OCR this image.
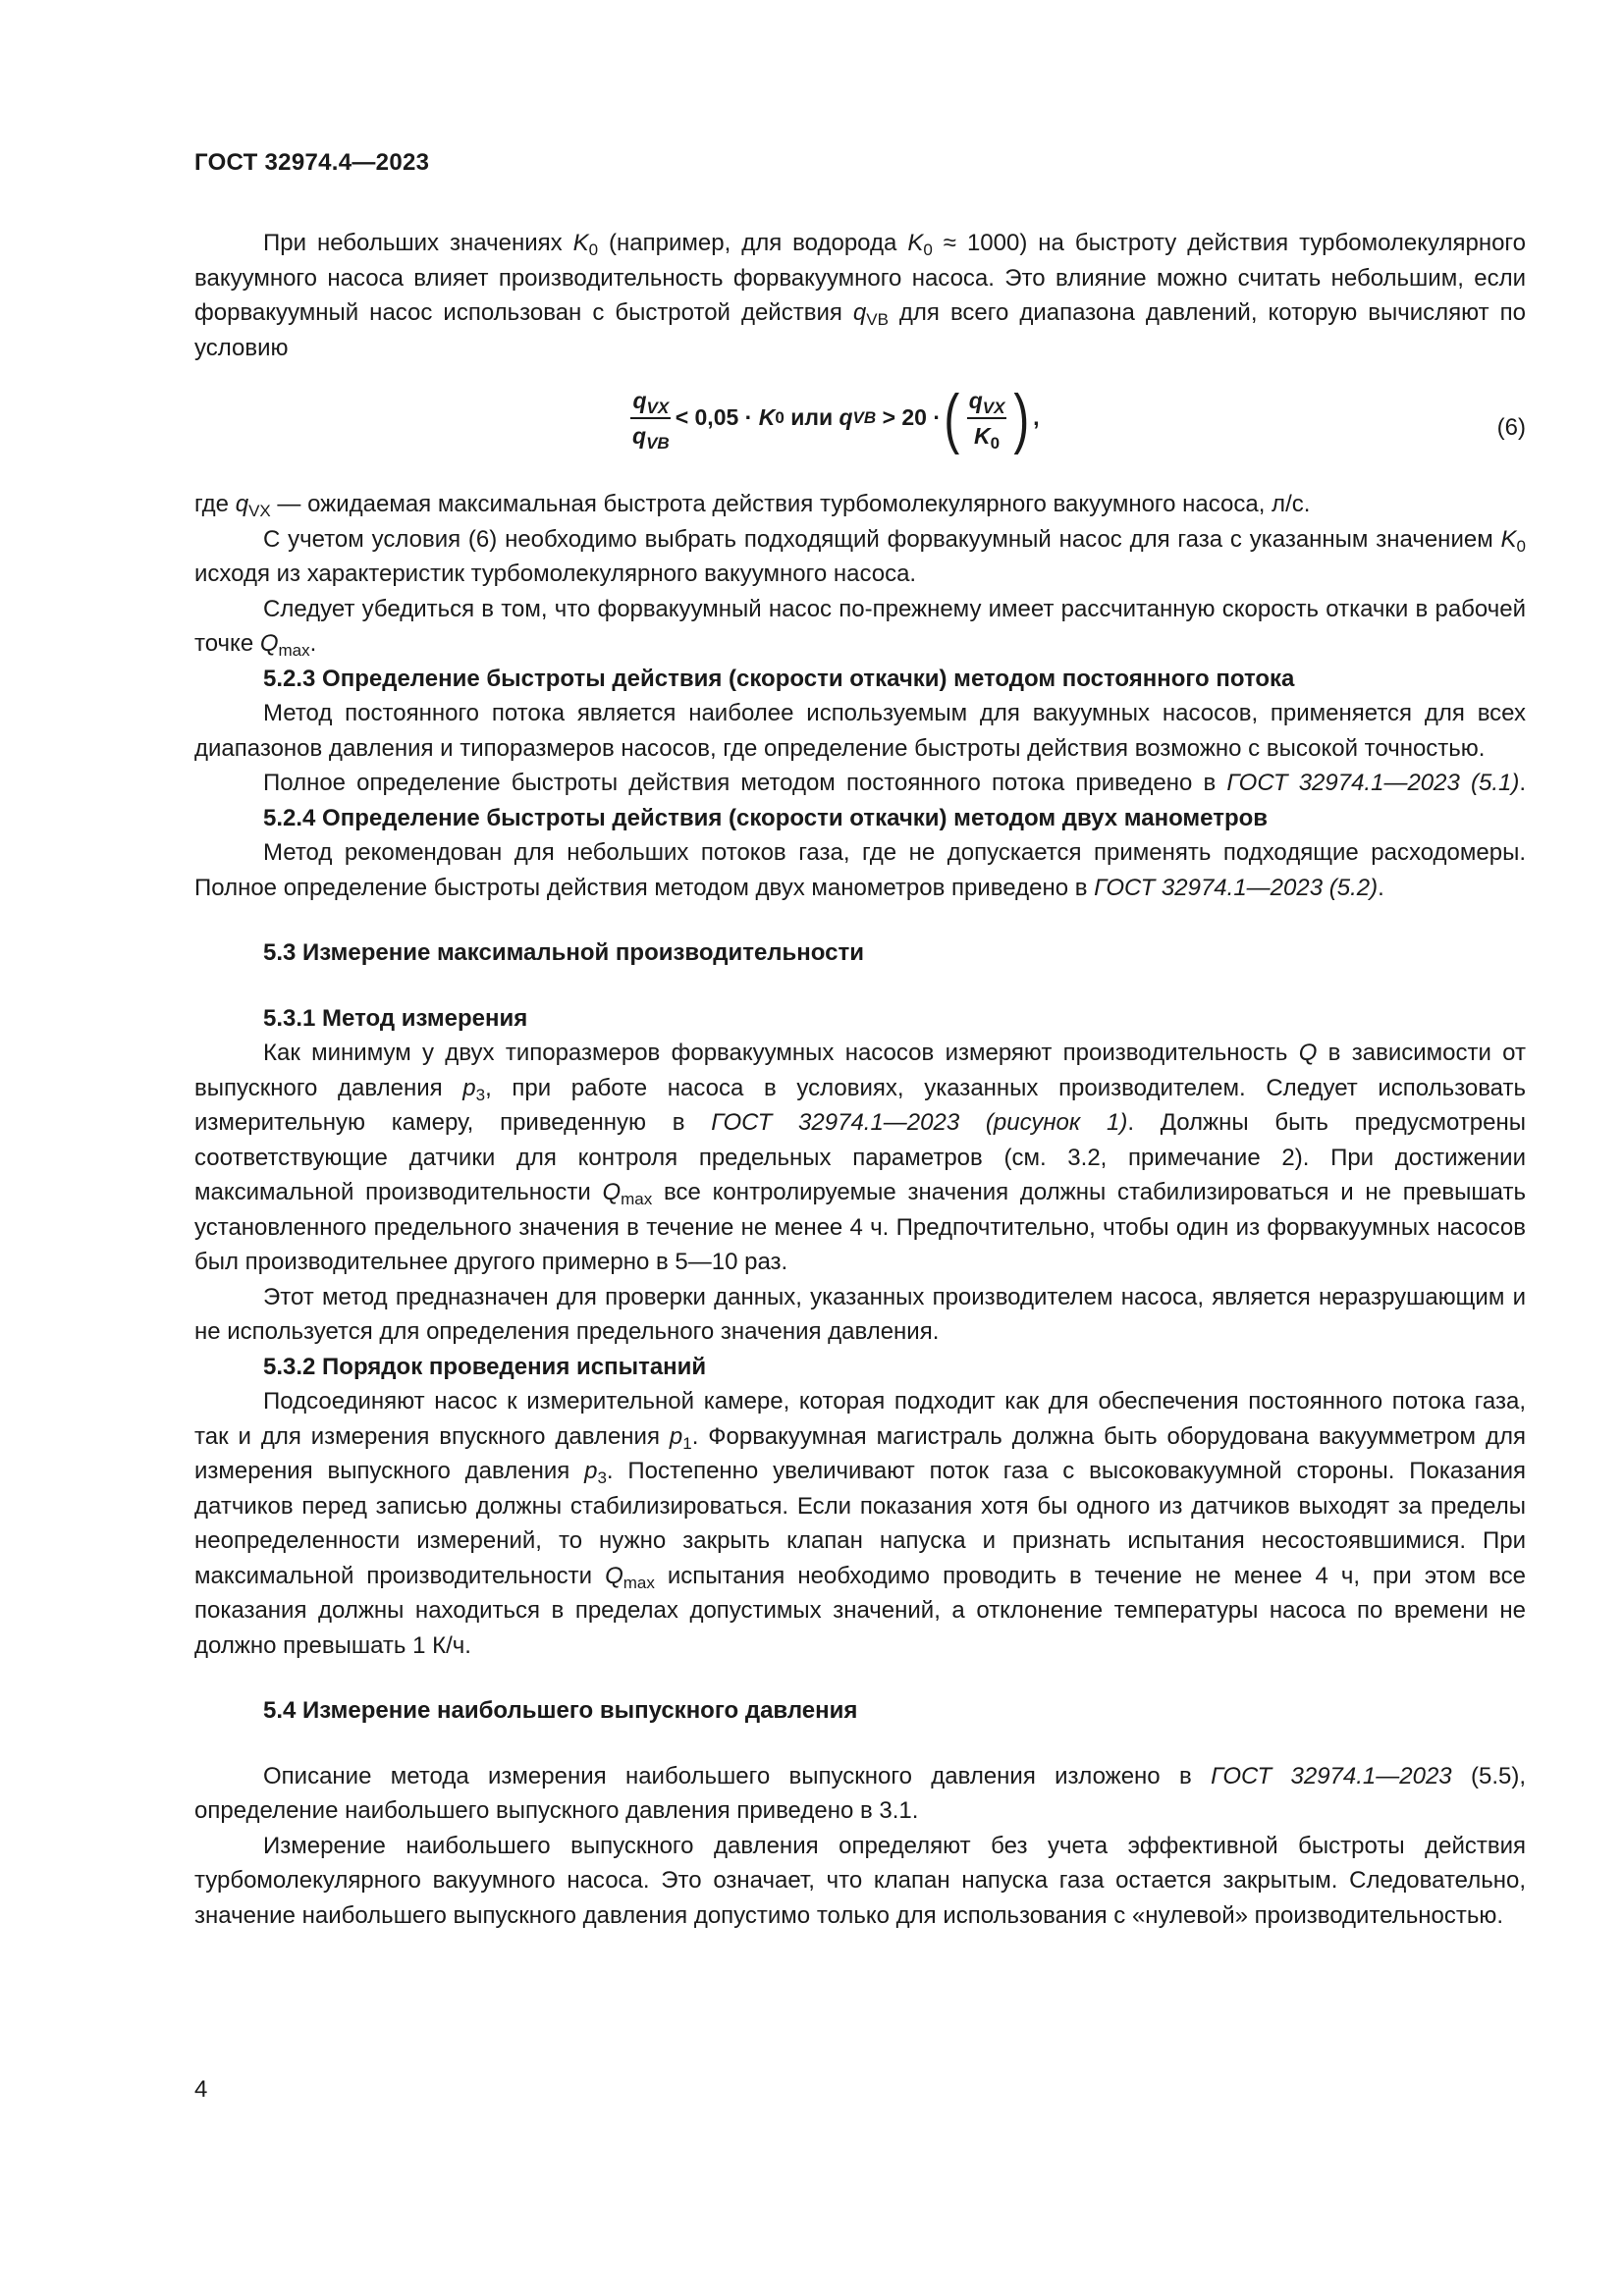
ГОСТ 32974.4—2023

При небольших значениях $K_0$ (например, для водорода $K_0 \approx 1000$) на быстроту действия турбомолекулярного вакуумного насоса влияет производительность форвакуумного насоса. Это влияние можно считать небольшим, если форвакуумный насос использован с быстротой действия $q_{VB}$ для всего диапазона давлений, которую вычисляют по условию

$\frac{q_{VX}}{q_{VB}} < 0,05$ ·
K 0
или
q VB
> 20 · ( $\frac{q_{VX}}{K_0}$ ) ,	(6)

где $q_{VX}$ — ожидаемая максимальная быстрота действия турбомолекулярного вакуумного насоса, л/с.

С учетом условия (6) необходимо выбрать подходящий форвакуумный насос для газа с указанным значением $K_0$ исходя из характеристик турбомолекулярного вакуумного насоса.

Следует убедиться в том, что форвакуумный насос по-прежнему имеет рассчитанную скорость откачки в рабочей точке $Q_{max}$.

5.2.3 Определение быстроты действия (скорости откачки) методом постоянного потока

Метод постоянного потока является наиболее используемым для вакуумных насосов, применяется для всех диапазонов давления и типоразмеров насосов, где определение быстроты действия возможно с высокой точностью.

Полное определение быстроты действия методом постоянного потока приведено в ГОСТ 32974.1—2023 (5.1).

5.2.4 Определение быстроты действия (скорости откачки) методом двух манометров

Метод рекомендован для небольших потоков газа, где не допускается применять подходящие расходомеры. Полное определение быстроты действия методом двух манометров приведено в ГОСТ 32974.1—2023 (5.2).

5.3 Измерение максимальной производительности

5.3.1 Метод измерения

Как минимум у двух типоразмеров форвакуумных насосов измеряют производительность Q в зависимости от выпускного давления $p_3$, при работе насоса в условиях, указанных производителем. Следует использовать измерительную камеру, приведенную в ГОСТ 32974.1—2023 (рисунок 1). Должны быть предусмотрены соответствующие датчики для контроля предельных параметров (см. 3.2, примечание 2). При достижении максимальной производительности $Q_{max}$ все контролируемые значения должны стабилизироваться и не превышать установленного предельного значения в течение не менее 4 ч. Предпочтительно, чтобы один из форвакуумных насосов был производительнее другого примерно в 5—10 раз.

Этот метод предназначен для проверки данных, указанных производителем насоса, является неразрушающим и не используется для определения предельного значения давления.

5.3.2 Порядок проведения испытаний

Подсоединяют насос к измерительной камере, которая подходит как для обеспечения постоянного потока газа, так и для измерения впускного давления $p_1$. Форвакуумная магистраль должна быть оборудована вакуумметром для измерения выпускного давления $p_3$. Постепенно увеличивают поток газа с высоковакуумной стороны. Показания датчиков перед записью должны стабилизироваться. Если показания хотя бы одного из датчиков выходят за пределы неопределенности измерений, то нужно закрыть клапан напуска и признать испытания несостоявшимися. При максимальной производительности $Q_{max}$ испытания необходимо проводить в течение не менее 4 ч, при этом все показания должны находиться в пределах допустимых значений, а отклонение температуры насоса по времени не должно превышать 1 К/ч.

5.4 Измерение наибольшего выпускного давления

Описание метода измерения наибольшего выпускного давления изложено в ГОСТ 32974.1—2023 (5.5), определение наибольшего выпускного давления приведено в 3.1.

Измерение наибольшего выпускного давления определяют без учета эффективной быстроты действия турбомолекулярного вакуумного насоса. Это означает, что клапан напуска газа остается закрытым. Следовательно, значение наибольшего выпускного давления допустимо только для использования с «нулевой» производительностью.

4
